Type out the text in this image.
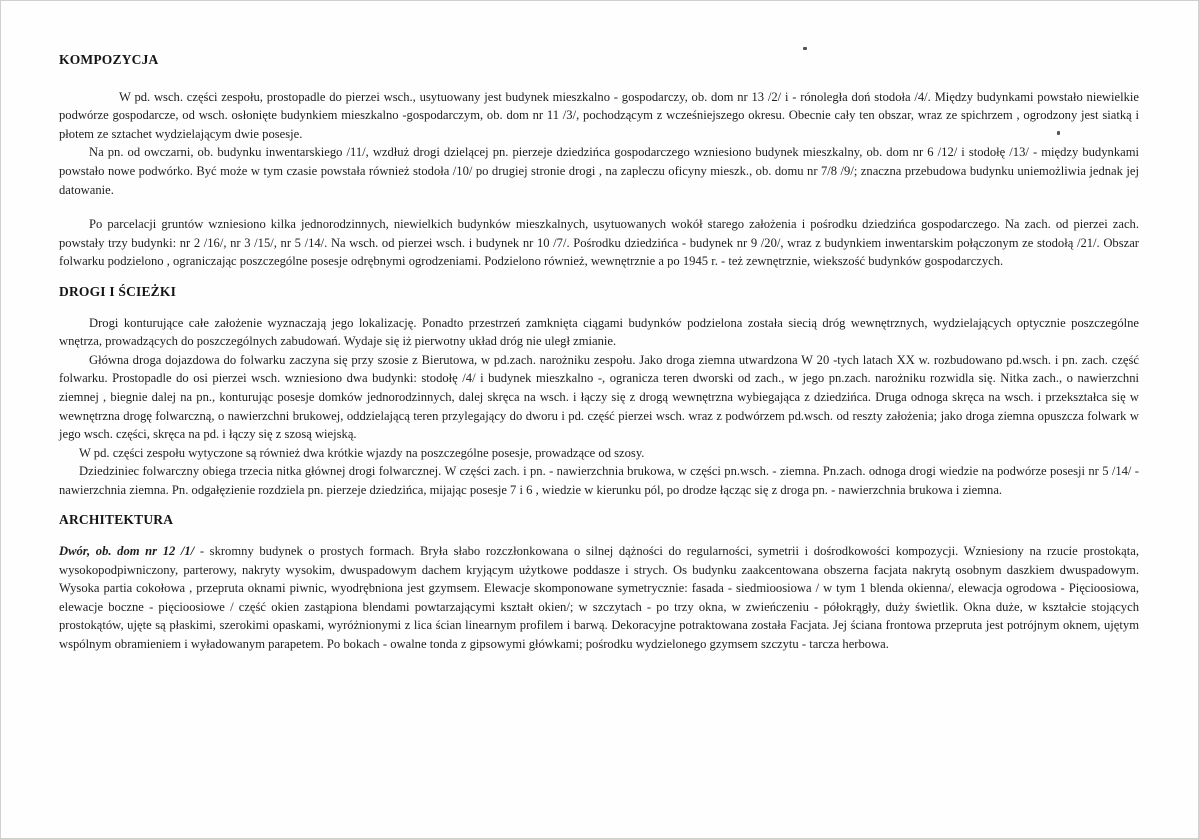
KOMPOZYCJA

W pd. wsch. części zespołu, prostopadle do pierzei wsch., usytuowany jest budynek mieszkalno - gospodarczy, ob. dom nr 13 /2/ i - rónoległa doń stodoła /4/. Między budynkami powstało niewielkie podwórze gospodarcze, od wsch. osłonięte budynkiem mieszkalno -gospodarczym, ob. dom nr 11 /3/, pochodzącym z wcześniejszego okresu. Obecnie cały ten obszar, wraz ze spichrzem , ogrodzony jest siatką i płotem ze sztachet wydzielającym dwie posesje.

Na pn. od owczarni, ob. budynku inwentarskiego /11/, wzdłuż drogi dzielącej pn. pierzeje dziedzińca gospodarczego wzniesiono budynek mieszkalny, ob. dom nr 6 /12/ i stodołę /13/ - między budynkami powstało nowe podwórko. Być może w tym czasie powstała również stodoła /10/ po drugiej stronie drogi , na zapleczu oficyny mieszk., ob. domu nr 7/8 /9/; znaczna przebudowa budynku uniemożliwia jednak jej datowanie.

Po parcelacji gruntów wzniesiono kilka jednorodzinnych, niewielkich budynków mieszkalnych, usytuowanych wokół starego założenia i pośrodku dziedzińca gospodarczego. Na zach. od pierzei zach. powstały trzy budynki: nr 2 /16/, nr 3 /15/, nr 5 /14/. Na wsch. od pierzei wsch. i budynek nr 10 /7/. Pośrodku dziedzińca - budynek nr 9 /20/, wraz z budynkiem inwentarskim połączonym ze stodołą /21/. Obszar folwarku podzielono , ograniczając poszczególne posesje odrębnymi ogrodzeniami. Podzielono również, wewnętrznie a po 1945 r. - też zewnętrznie, wiekszość budynków gospodarczych.

DROGI I ŚCIEŻKI

Drogi konturujące całe założenie wyznaczają jego lokalizację. Ponadto przestrzeń zamknięta ciągami budynków podzielona została siecią dróg wewnętrznych, wydzielających optycznie poszczególne wnętrza, prowadzących do poszczególnych zabudowań. Wydaje się iż pierwotny układ dróg nie uległ zmianie.

Główna droga dojazdowa do folwarku zaczyna się przy szosie z Bierutowa, w pd.zach. narożniku zespołu. Jako droga ziemna utwardzona W 20 -tych latach XX w. rozbudowano pd.wsch. i pn. zach. część folwarku. Prostopadle do osi pierzei wsch. wzniesiono dwa budynki: stodołę /4/ i budynek mieszkalno -, ogranicza teren dworski od zach., w jego pn.zach. narożniku rozwidla się. Nitka zach., o nawierzchni ziemnej , biegnie dalej na pn., konturując posesje domków jednorodzinnych, dalej skręca na wsch. i łączy się z drogą wewnętrzna wybiegająca z dziedzińca. Druga odnoga skręca na wsch. i przekształca się w wewnętrzna drogę folwarczną, o nawierzchni brukowej, oddzielającą teren przylegający do dworu i pd. część pierzei wsch. wraz z podwórzem pd.wsch. od reszty założenia; jako droga ziemna opuszcza folwark w jego wsch. części, skręca na pd. i łączy się z szosą wiejską.

W pd. części zespołu wytyczone są również dwa krótkie wjazdy na poszczególne posesje, prowadzące od szosy.

Dziedziniec folwarczny obiega trzecia nitka głównej drogi folwarcznej. W części zach. i pn. - nawierzchnia brukowa, w części pn.wsch. - ziemna. Pn.zach. odnoga drogi wiedzie na podwórze posesji nr 5 /14/ - nawierzchnia ziemna. Pn. odgałęzienie rozdziela pn. pierzeje dziedzińca, mijając posesje 7 i 6 , wiedzie w kierunku pól, po drodze łącząc się z droga pn. - nawierzchnia brukowa i ziemna.

ARCHITEKTURA

Dwór, ob. dom nr 12 /1/ - skromny budynek o prostych formach. Bryła słabo rozczłonkowana o silnej dążności do regularności, symetrii i dośrodkowości kompozycji. Wzniesiony na rzucie prostokąta, wysokopodpiwniczony, parterowy, nakryty wysokim, dwuspadowym dachem kryjącym użytkowe poddasze i strych. Os budynku zaakcentowana obszerna facjata nakrytą osobnym daszkiem dwuspadowym. Wysoka partia cokołowa , przepruta oknami piwnic, wyodrębniona jest gzymsem. Elewacje skomponowane symetrycznie: fasada - siedmioosiowa / w tym 1 blenda okienna/, elewacja ogrodowa - Pięcioosiowa, elewacje boczne - pięcioosiowe / część okien zastąpiona blendami powtarzającymi kształt okien/; w szczytach - po trzy okna, w zwieńczeniu - półokrągły, duży świetlik. Okna duże, w kształcie stojących prostokątów, ujęte są płaskimi, szerokimi opaskami, wyróżnionymi z lica ścian linearnym profilem i barwą. Dekoracyjne potraktowana została Facjata. Jej ściana frontowa przepruta jest potrójnym oknem, ujętym wspólnym obramieniem i wyładowanym parapetem. Po bokach - owalne tonda z gipsowymi główkami; pośrodku wydzielonego gzymsem szczytu - tarcza herbowa.
